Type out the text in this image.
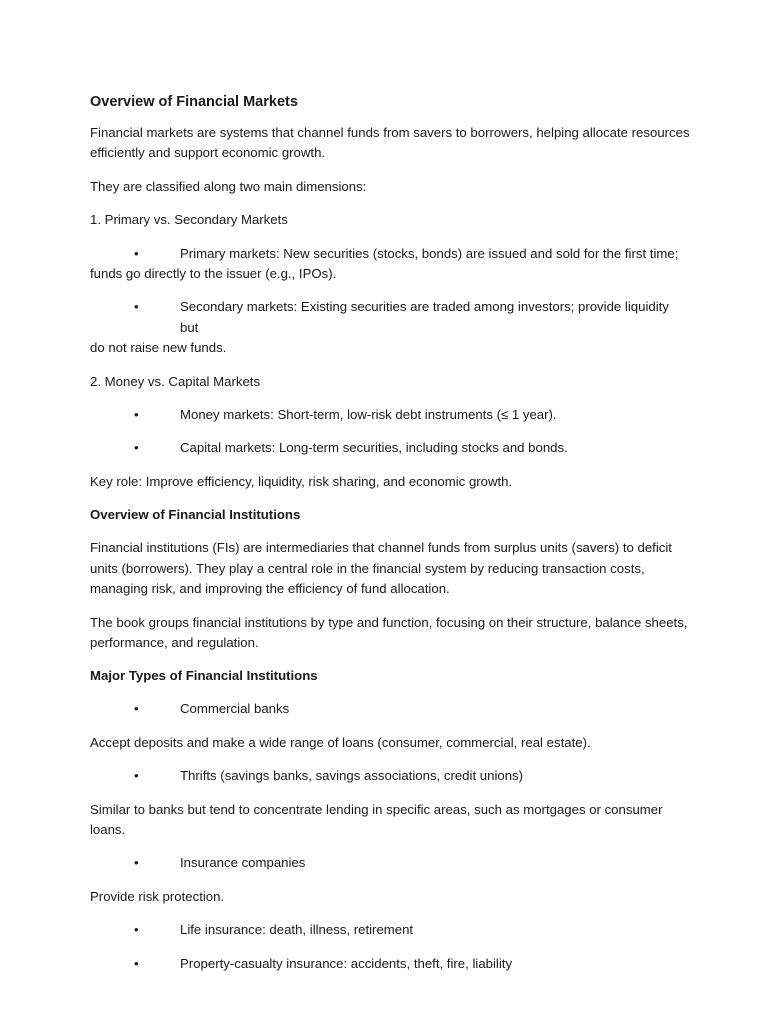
Overview of Financial Markets

Financial markets are systems that channel funds from savers to borrowers, helping allocate resources efficiently and support economic growth.

They are classified along two main dimensions:

1. Primary vs. Secondary Markets

•	Primary markets: New securities (stocks, bonds) are issued and sold for the first time;
funds go directly to the issuer (e.g., IPOs).
•	Secondary markets: Existing securities are traded among investors; provide liquidity but
do not raise new funds.

2. Money vs. Capital Markets

•	Money markets: Short-term, low-risk debt instruments (≤ 1 year).
•	Capital markets: Long-term securities, including stocks and bonds.

Key role: Improve efficiency, liquidity, risk sharing, and economic growth.

Overview of Financial Institutions

Financial institutions (FIs) are intermediaries that channel funds from surplus units (savers) to deficit units (borrowers). They play a central role in the financial system by reducing transaction costs, managing risk, and improving the efficiency of fund allocation.

The book groups financial institutions by type and function, focusing on their structure, balance sheets, performance, and regulation.

Major Types of Financial Institutions
•	Commercial banks

Accept deposits and make a wide range of loans (consumer, commercial, real estate).

•	Thrifts (savings banks, savings associations, credit unions)

Similar to banks but tend to concentrate lending in specific areas, such as mortgages or consumer loans.

•	Insurance companies

Provide risk protection.

•	Life insurance: death, illness, retirement
•	Property-casualty insurance: accidents, theft, fire, liability
